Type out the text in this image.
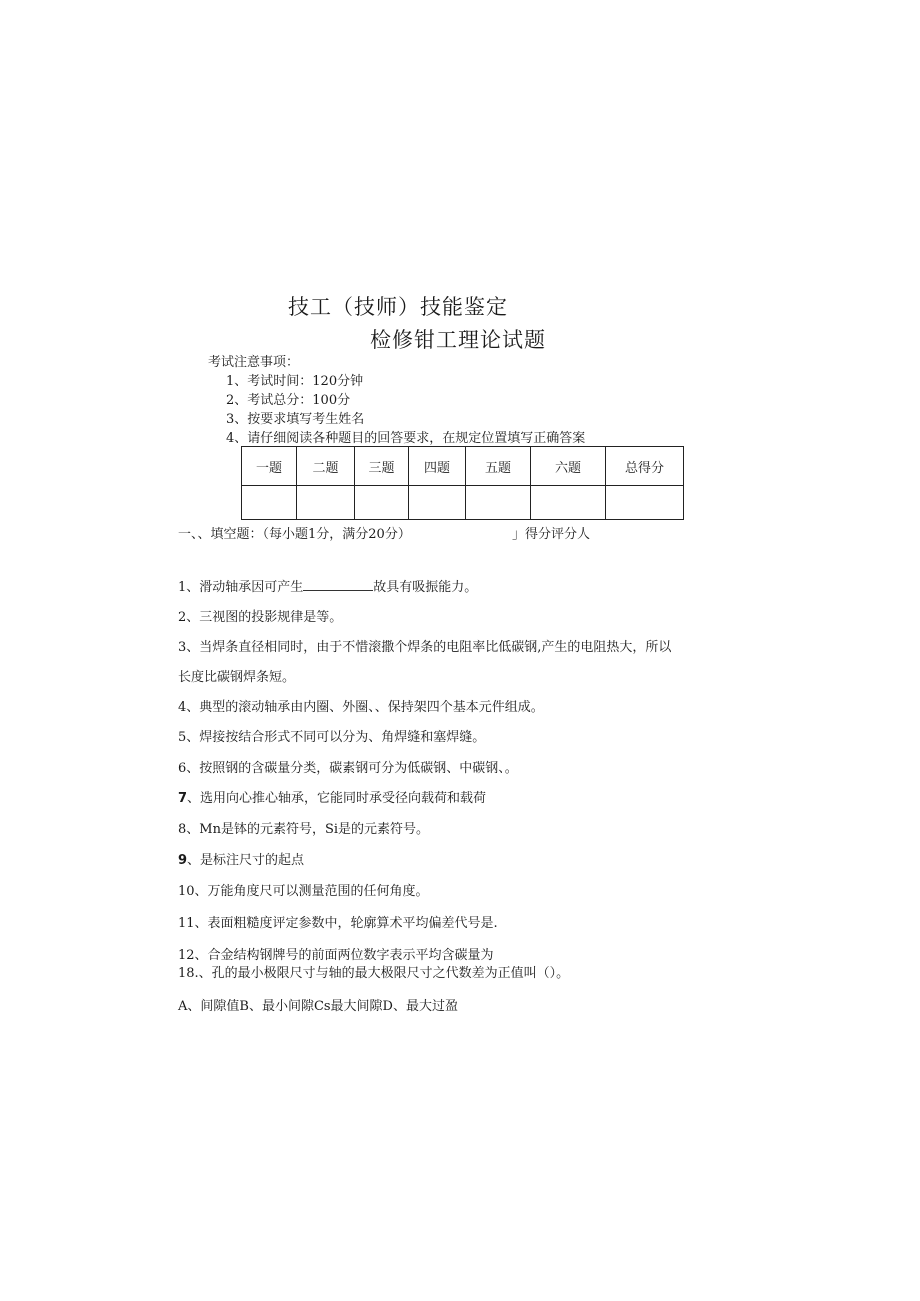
技工（技师）技能鉴定
检修钳工理论试题
考试注意事项：
1、考试时间：120分钟
2、考试总分：100分
3、按要求填写考生姓名
4、请仔细阅读各种题目的回答要求，在规定位置填写正确答案
一题	二题	三题	四题	五题	六题	总得分

一、、填空题：（每小题1分，满分20分）	」得分评分人
1、滑动轴承因可产生	故具有吸振能力。
2、三视图的投影规律是等。
3、当焊条直径相同时，由于不惜滚撒个焊条的电阻率比低碳钢,产生的电阻热大，所以
长度比碳钢焊条短。
4、典型的滚动轴承由内圈、外圈、、保持架四个基本元件组成。
5、焊接按结合形式不同可以分为、角焊缝和塞焊缝。
6、按照钢的含碳量分类，碳素钢可分为低碳钢、中碳钢、。
7、选用向心推心轴承，它能同时承受径向载荷和载荷
8、Mn是钵的元素符号，Si是的元素符号。
9、是标注尺寸的起点
10、万能角度尺可以测量范围的任何角度。
11、表面粗糙度评定参数中，轮廓算术平均偏差代号是.
12、合金结构钢牌号的前面两位数字表示平均含碳量为
18.、孔的最小极限尺寸与轴的最大极限尺寸之代数差为正值叫（）。
A、间隙值B、最小间隙Cs最大间隙D、最大过盈
